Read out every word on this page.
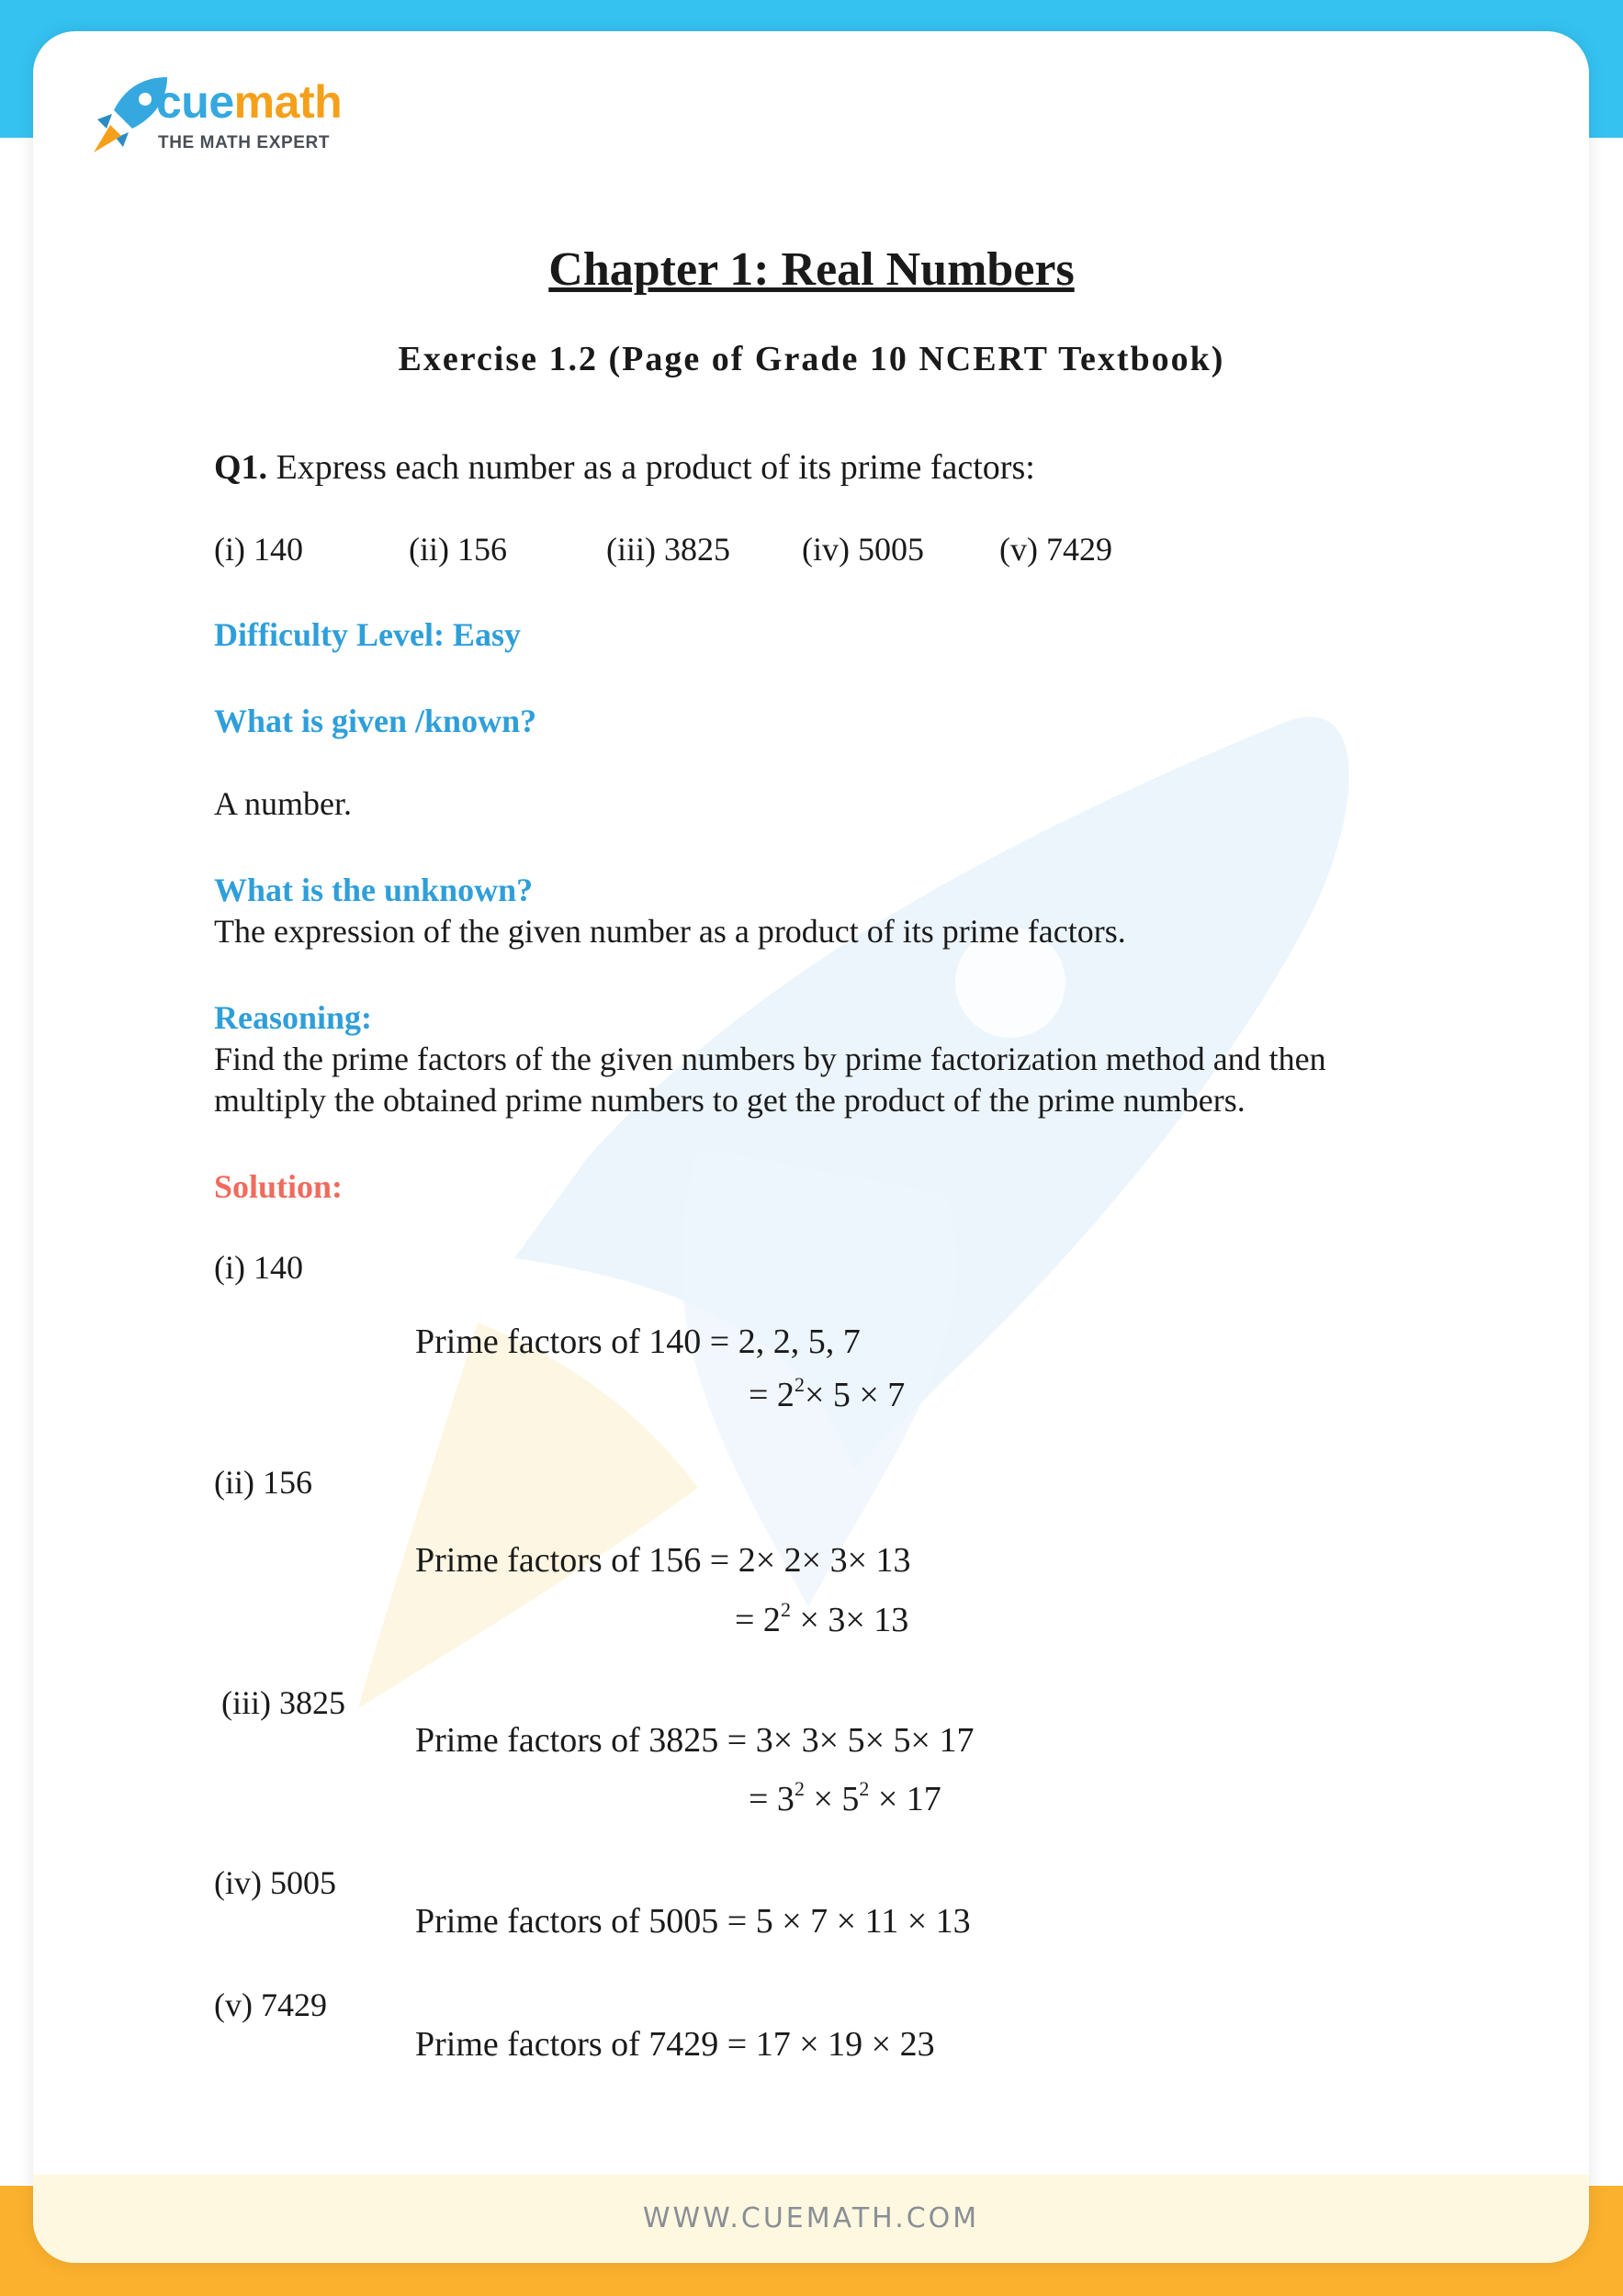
WWW.CUEMATH.COM
cuemath
THE MATH EXPERT
Chapter 1: Real Numbers
Exercise 1.2 (Page of Grade 10 NCERT Textbook)
Q1. Express each number as a product of its prime factors:
(i) 140	(ii) 156	(iii) 3825 (iv) 5005 (v) 7429
Difficulty Level: Easy
What is given /known?
A number.
What is the unknown?
The expression of the given number as a product of its prime factors.
Reasoning:
Find the prime factors of the given numbers by prime factorization method and then
multiply the obtained prime numbers to get the product of the prime numbers.
Solution:
(i) 140
Prime factors of 140 = 2, 2, 5, 7
= $2^2\times 5 \times 7$
(ii) 156
Prime factors of 156 = 2× 2× 3× 13
= $2^2 \times 3\times 13$
(iii) 3825
Prime factors of 3825 = 3× 3× 5× 5× 17
= $3^2 \times 5^2 \times 17$
(iv) 5005
Prime factors of 5005 = 5 × 7 × 11 × 13
(v) 7429
Prime factors of 7429 = 17 × 19 × 23
